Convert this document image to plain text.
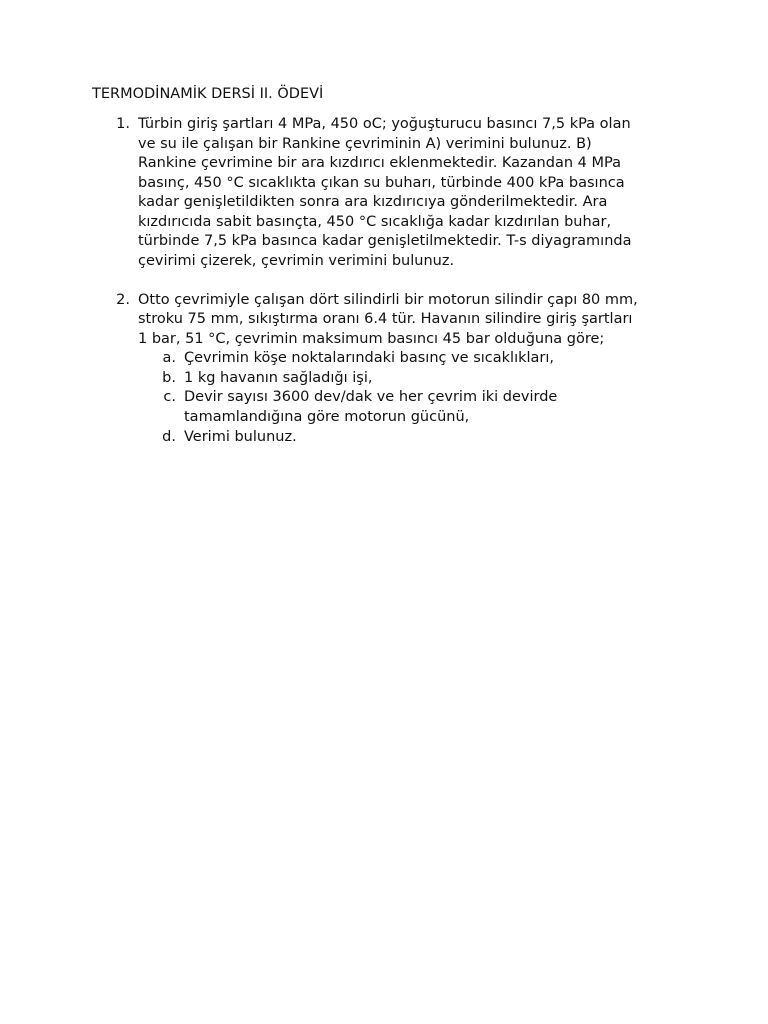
TERMODİNAMİK DERSİ II. ÖDEVİ
1. Türbin giriş şartları 4 MPa, 450 oC; yoğuşturucu basıncı 7,5 kPa olan
ve su ile çalışan bir Rankine çevriminin A) verimini bulunuz. B)
Rankine çevrimine bir ara kızdırıcı eklenmektedir. Kazandan 4 MPa
basınç, 450 °C sıcaklıkta çıkan su buharı, türbinde 400 kPa basınca
kadar genişletildikten sonra ara kızdırıcıya gönderilmektedir. Ara
kızdırıcıda sabit basınçta, 450 °C sıcaklığa kadar kızdırılan buhar,
türbinde 7,5 kPa basınca kadar genişletilmektedir. T-s diyagramında
çevirimi çizerek, çevrimin verimini bulunuz.
2. Otto çevrimiyle çalışan dört silindirli bir motorun silindir çapı 80 mm,
stroku 75 mm, sıkıştırma oranı 6.4 tür. Havanın silindire giriş şartları
1 bar, 51 °C, çevrimin maksimum basıncı 45 bar olduğuna göre;
a. Çevrimin köşe noktalarındaki basınç ve sıcaklıkları,
b. 1 kg havanın sağladığı işi,
c. Devir sayısı 3600 dev/dak ve her çevrim iki devirde
tamamlandığına göre motorun gücünü,
d. Verimi bulunuz.
